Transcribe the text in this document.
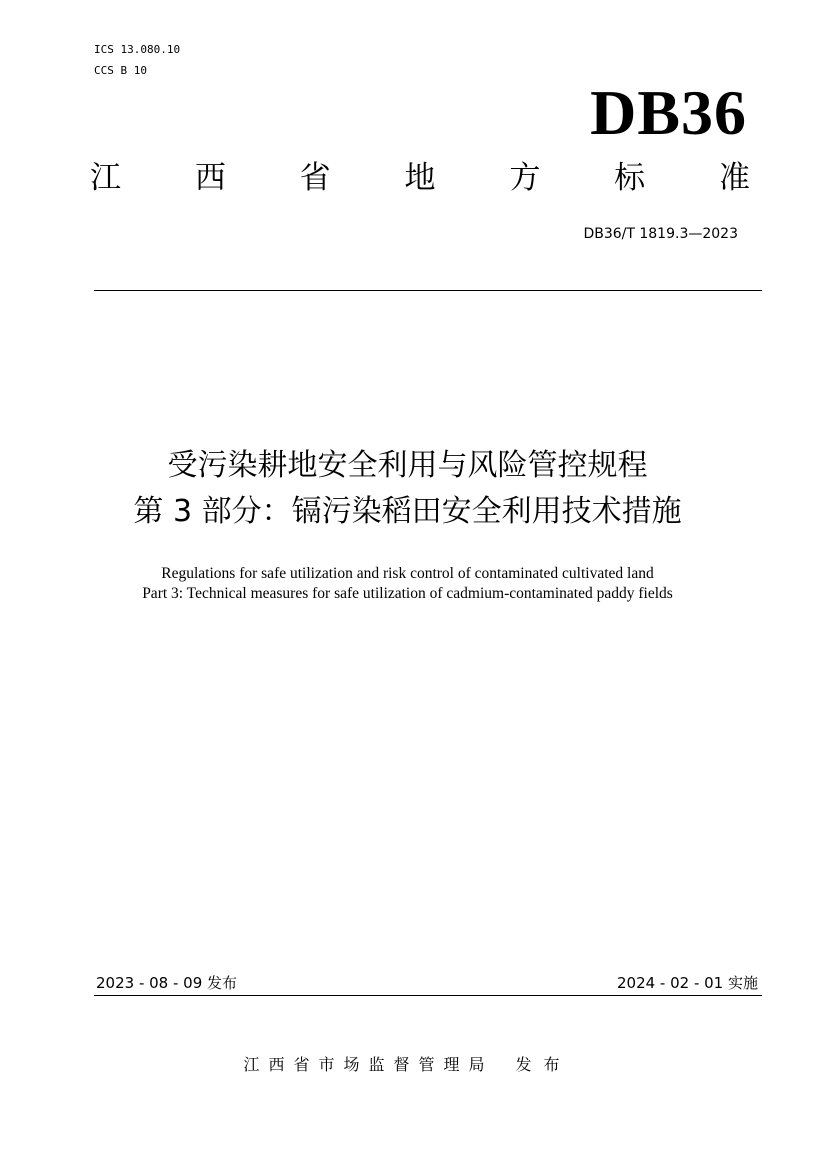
ICS 13.080.10
CCS B 10
DB36
江 西 省 地 方 标 准
DB36/T 1819.3—2023
受污染耕地安全利用与风险管控规程
第 3 部分：镉污染稻田安全利用技术措施
Regulations for safe utilization and risk control of contaminated cultivated land
Part 3: Technical measures for safe utilization of cadmium-contaminated paddy fields
2023 - 08 - 09 发布	2024 - 02 - 01 实施
江西省市场监督管理局 发布
